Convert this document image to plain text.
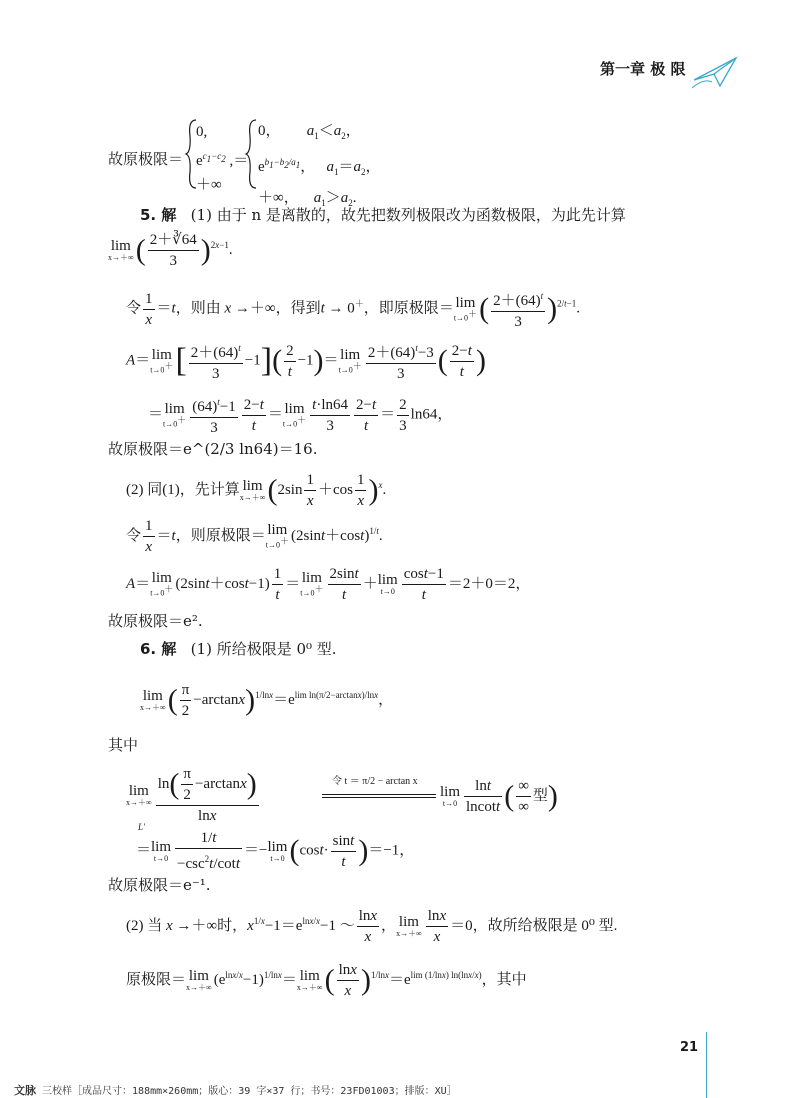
第一章 极 限
故原极限＝
0,
$e^{c_1-c_2}$ ,＝
＋∞
0，       $a_1<a_2$，
$e^{b_1-b_2/a_1}$，   $a_1=a_2$，
＋∞，    $a_1>a_2$.
5. 解 (1) 由于 n 是离散的，故先把数列极限改为函数极限，为此先计算
lim
x→＋∞ ( $\frac{2+∛64}{3} )^{2x-1}$.
令 $\frac{1}{x} =t$，则由 x →＋∞，得到t → 0＋，即原极限＝ lim
t→0＋ ( $\frac{2+(64)^t}{3} )^{2/t-1}$.
A＝ lim
t→0＋ [ $\frac{2+(64)^t}{3} -1]( \frac{2}{t} -1)= \lim$
$t\to 0^+ \frac{2+(64)^t-3}{3}$ ( $\frac{2-t}{t}$ )
＝ lim
$t\to 0^+ \frac{(64)^t-1}{3} \frac{2-t}{t} = \lim$
$t\to 0^+ \frac{t\cdot\ln 64}{3} \frac{2-t}{t} = \frac{2}{3} \ln 64$，
故原极限＝e^(2/3 ln64)＝16.
(2) 同(1)，先计算 lim
x→＋∞ $(2\sin \frac{1}{x} +\cos \frac{1}{x} )^x$.
令 $\frac{1}{x} =t$，则原极限＝ lim
t→0＋ $(2\sin t+\cos t)^{1/t}$.
A＝ lim
t→0＋ $(2\sin t+\cos t-1) \frac{1}{t} = \lim$
$t\to 0^+ \frac{2\sin t}{t} + \lim$
$t\to 0 \frac{\cos t-1}{t} =2+0=2$，
故原极限＝e².
6. 解 (1) 所给极限是 0⁰ 型.
lim
x→＋∞ ( $\frac{\pi}{2} -\arctan x)^{1/lnx}=e^{lim ln(\pi/2-arctanx)/lnx}$，
其中
lim
$x\to+\infty \frac{\ln( \frac{\pi}{2} -\arctan x)}{\ln x}$	令 t ＝ π/2 − arctan x
lim
$t\to 0 \frac{\ln t}{lncott}$ ( $\frac{\infty}{\infty}$ 型)
L'
＝ lim
$t\to 0 \frac{1/t}{-\csc^2t/\cot t} =- \lim$
t→0 $(\cos t\cdot \frac{\sin t}{t} )=-1$，
故原极限＝e⁻¹.
(2) 当 x →＋∞时，$x^{1/x}-1=e^{lnx/x}-1$ ～ $\frac{\ln x}{x}$ ， lim
$x\to+\infty \frac{\ln x}{x} =0$，故所给极限是 0⁰ 型.
原极限＝ lim
x→＋∞ $(e^{lnx/x}-1)^{1/lnx}= \lim$
x→＋∞ ( $\frac{\ln x}{x} )^{1/lnx}=e^{lim (1/lnx) ln(lnx/x)}$，其中
21
文脉 三校样［成品尺寸：188mm×260mm；版心：39 字×37 行；书号：23FD01003；排版：XU］
